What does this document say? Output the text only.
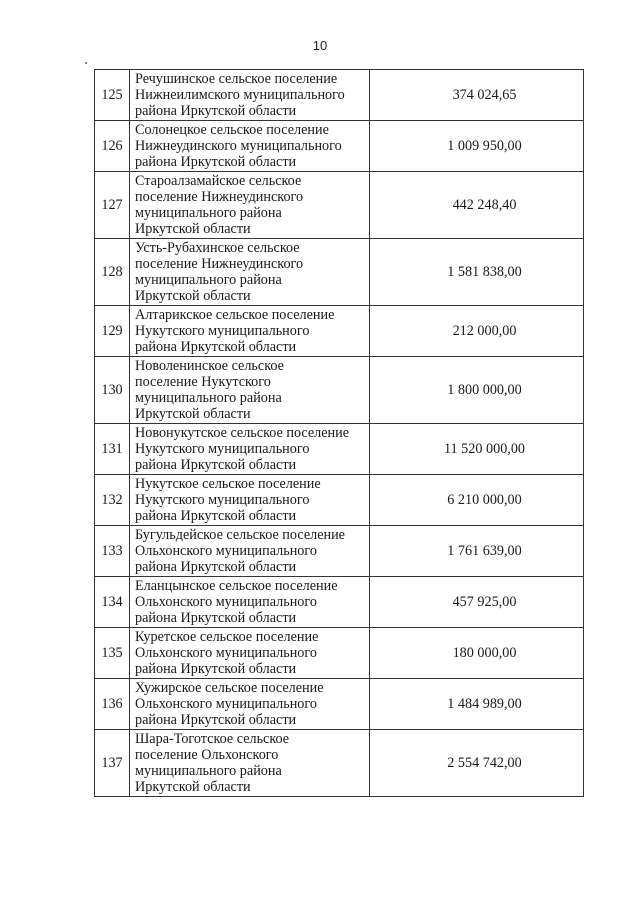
10
125	Речушинское сельское поселение
Нижнеилимского муниципального
района Иркутской области	374 024,65
126	Солонецкое сельское поселение
Нижнеудинского муниципального
района Иркутской области	1 009 950,00
127	Староалзамайское сельское
поселение Нижнеудинского
муниципального района
Иркутской области	442 248,40
128	Усть-Рубахинское сельское
поселение Нижнеудинского
муниципального района
Иркутской области	1 581 838,00
129	Алтарикское сельское поселение
Нукутского муниципального
района Иркутской области	212 000,00
130	Новоленинское сельское
поселение Нукутского
муниципального района
Иркутской области	1 800 000,00
131	Новонукутское сельское поселение
Нукутского муниципального
района Иркутской области	11 520 000,00
132	Нукутское сельское поселение
Нукутского муниципального
района Иркутской области	6 210 000,00
133	Бугульдейское сельское поселение
Ольхонского муниципального
района Иркутской области	1 761 639,00
134	Еланцынское сельское поселение
Ольхонского муниципального
района Иркутской области	457 925,00
135	Куретское сельское поселение
Ольхонского муниципального
района Иркутской области	180 000,00
136	Хужирское сельское поселение
Ольхонского муниципального
района Иркутской области	1 484 989,00
137	Шара-Тоготское сельское
поселение Ольхонского
муниципального района
Иркутской области	2 554 742,00
